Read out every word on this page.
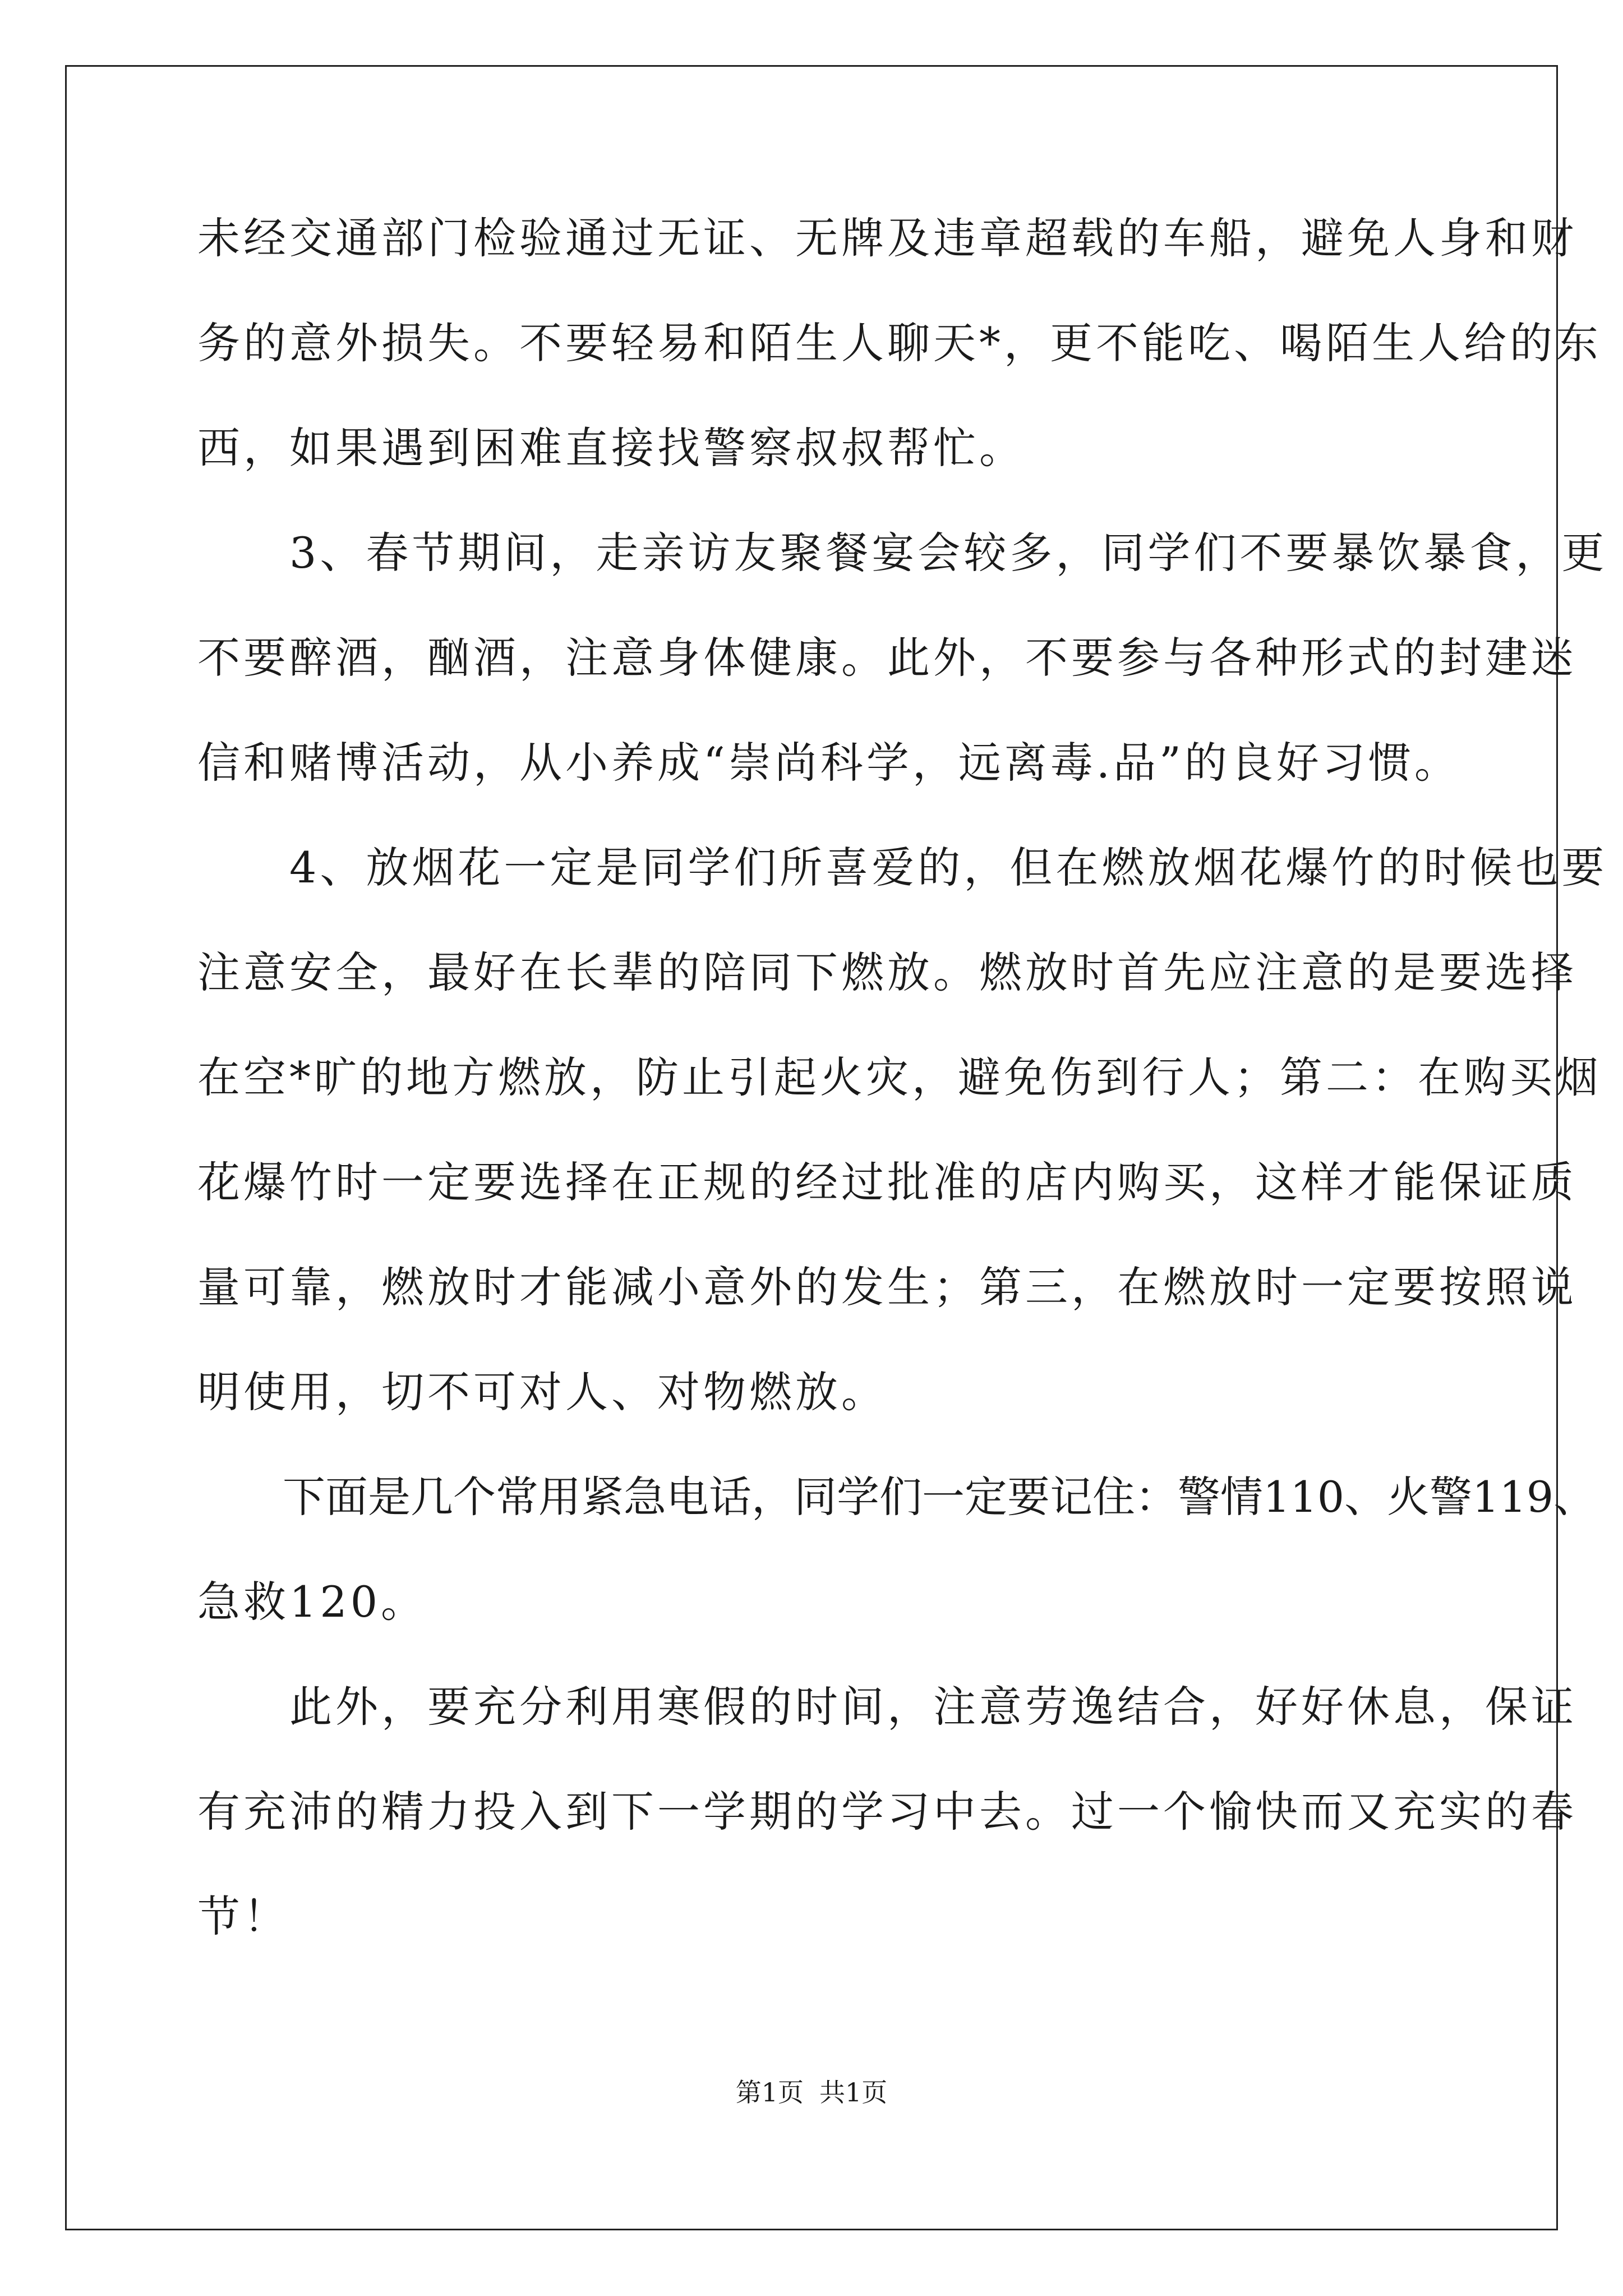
未经交通部门检验通过无证、无牌及违章超载的车船，避免人身和财
务的意外损失。不要轻易和陌生人聊天*，更不能吃、喝陌生人给的东
西，如果遇到困难直接找警察叔叔帮忙。
　　3、春节期间，走亲访友聚餐宴会较多，同学们不要暴饮暴食，更
不要醉酒，酗酒，注意身体健康。此外，不要参与各种形式的封建迷
信和赌博活动，从小养成“崇尚科学，远离毒.品”的良好习惯。
　　4、放烟花一定是同学们所喜爱的，但在燃放烟花爆竹的时候也要
注意安全，最好在长辈的陪同下燃放。燃放时首先应注意的是要选择
在空*旷的地方燃放，防止引起火灾，避免伤到行人；第二：在购买烟
花爆竹时一定要选择在正规的经过批准的店内购买，这样才能保证质
量可靠，燃放时才能减小意外的发生；第三，在燃放时一定要按照说
明使用，切不可对人、对物燃放。
　　下面是几个常用紧急电话，同学们一定要记住：警情110、火警119、
急救120。
　　此外，要充分利用寒假的时间，注意劳逸结合，好好休息，保证
有充沛的精力投入到下一学期的学习中去。过一个愉快而又充实的春
节！
第1页 共1页
